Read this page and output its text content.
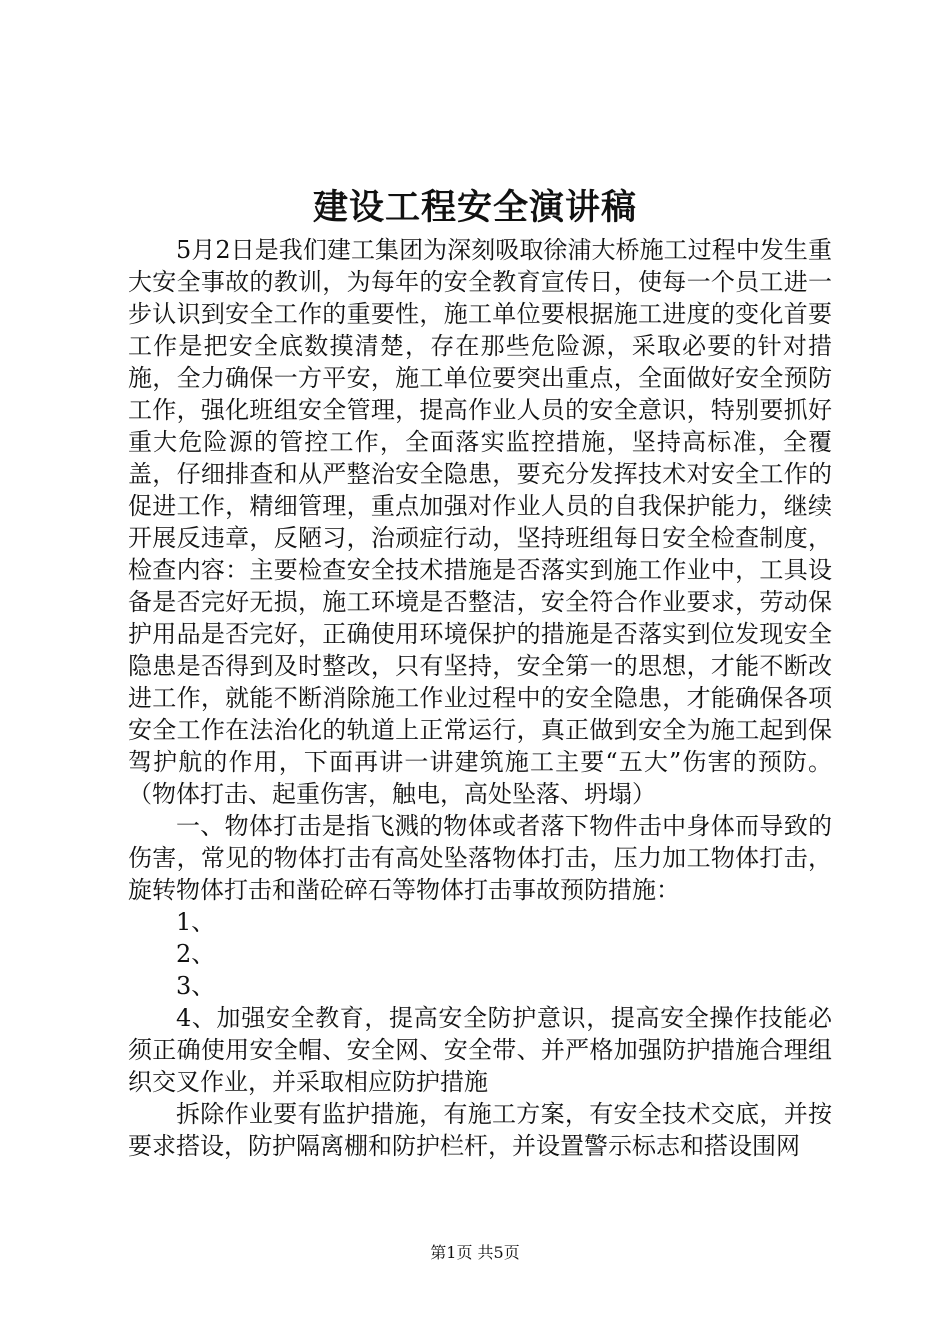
建设工程安全演讲稿

5月2日是我们建工集团为深刻吸取徐浦大桥施工过程中发生重大安全事故的教训，为每年的安全教育宣传日，使每一个员工进一步认识到安全工作的重要性，施工单位要根据施工进度的变化首要工作是把安全底数摸清楚，存在那些危险源，采取必要的针对措施，全力确保一方平安，施工单位要突出重点，全面做好安全预防工作，强化班组安全管理，提高作业人员的安全意识，特别要抓好重大危险源的管控工作，全面落实监控措施，坚持高标准，全覆盖，仔细排查和从严整治安全隐患，要充分发挥技术对安全工作的促进工作，精细管理，重点加强对作业人员的自我保护能力，继续开展反违章，反陋习，治顽症行动，坚持班组每日安全检查制度，检查内容：主要检查安全技术措施是否落实到施工作业中，工具设备是否完好无损，施工环境是否整洁，安全符合作业要求，劳动保护用品是否完好，正确使用环境保护的措施是否落实到位发现安全隐患是否得到及时整改，只有坚持，安全第一的思想，才能不断改进工作，就能不断消除施工作业过程中的安全隐患，才能确保各项安全工作在法治化的轨道上正常运行，真正做到安全为施工起到保驾护航的作用，下面再讲一讲建筑施工主要“五大”伤害的预防。（物体打击、起重伤害，触电，高处坠落、坍塌）

一、物体打击是指飞溅的物体或者落下物件击中身体而导致的伤害，常见的物体打击有高处坠落物体打击，压力加工物体打击，旋转物体打击和凿砼碎石等物体打击事故预防措施：

1、

2、

3、

4、加强安全教育，提高安全防护意识，提高安全操作技能必须正确使用安全帽、安全网、安全带、并严格加强防护措施合理组织交叉作业，并采取相应防护措施

拆除作业要有监护措施，有施工方案，有安全技术交底，并按要求搭设，防护隔离棚和防护栏杆，并设置警示标志和搭设围网

第1页 共5页
